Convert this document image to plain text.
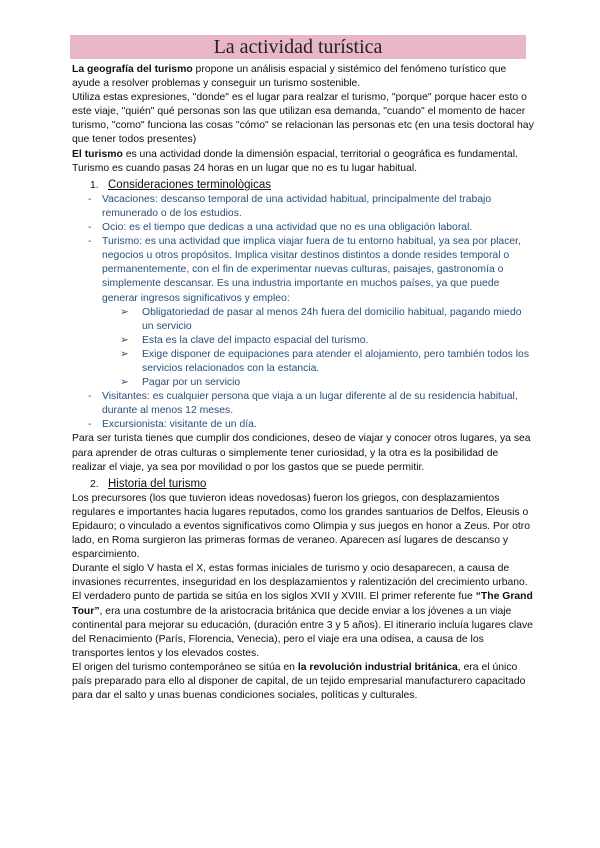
La actividad turística

La geografía del turismo propone un análisis espacial y sistémico del fenómeno turístico que ayude a resolver problemas y conseguir un turismo sostenible.

Utiliza estas expresiones, "donde" es el lugar para realzar el turismo, "porque" porque hacer esto o este viaje, "quién" qué personas son las que utilizan esa demanda, "cuando" el momento de hacer turismo, "como" funciona las cosas "cómo" se relacionan las personas etc (en una tesis doctoral hay que tener todos presentes)

El turismo es una actividad donde la dimensión espacial, territorial o geográfica es fundamental. Turismo es cuando pasas 24 horas en un lugar que no es tu lugar habitual.

1. Consideraciones terminològicas
-	Vacaciones: descanso temporal de una actividad habitual, principalmente del trabajo remunerado o de los estudios.
-	Ocio: es el tiempo que dedicas a una actividad que no es una obligación laboral.
-	Turismo: es una actividad que implica viajar fuera de tu entorno habitual, ya sea por placer, negocios u otros propósitos. Implica visitar destinos distintos a donde resides temporal o permanentemente, con el fin de experimentar nuevas culturas, paisajes, gastronomía o simplemente descansar. Es una industria importante en muchos países, ya que puede generar ingresos significativos y empleo:
➢	Obligatoriedad de pasar al menos 24h fuera del domicilio habitual, pagando miedo un servicio
➢	Esta es la clave del impacto espacial del turismo.
➢	Exige disponer de equipaciones para atender el alojamiento, pero también todos los servicios relacionados con la estancia.
➢	Pagar por un servicio
-	Visitantes: es cualquier persona que viaja a un lugar diferente al de su residencia habitual, durante al menos 12 meses.
-	Excursionista: visitante de un día.

Para ser turista tienes que cumplir dos condiciones, deseo de viajar y conocer otros lugares, ya sea para aprender de otras culturas o simplemente tener curiosidad, y la otra es la posibilidad de realizar el viaje, ya sea por movilidad o por los gastos que se puede permitir.

2. Historia del turismo

Los precursores (los que tuvieron ideas novedosas) fueron los griegos, con desplazamientos regulares e importantes hacia lugares reputados, como los grandes santuarios de Delfos, Eleusis o Epidauro; o vinculado a eventos significativos como Olimpia y sus juegos en honor a Zeus. Por otro lado, en Roma surgieron las primeras formas de veraneo. Aparecen así lugares de descanso y esparcimiento.

Durante el siglo V hasta el X, estas formas iniciales de turismo y ocio desaparecen, a causa de invasiones recurrentes, inseguridad en los desplazamientos y ralentización del crecimiento urbano.

El verdadero punto de partida se sitúa en los siglos XVII y XVIII. El primer referente fue “The Grand Tour”, era una costumbre de la aristocracia británica que decide enviar a los jóvenes a un viaje continental para mejorar su educación, (duración entre 3 y 5 años). El itinerario incluía lugares clave del Renacimiento (París, Florencia, Venecia), pero el viaje era una odisea, a causa de los transportes lentos y los elevados costes.

El origen del turismo contemporáneo se sitúa en la revolución industrial británica, era el único país preparado para ello al disponer de capital, de un tejido empresarial manufacturero capacitado para dar el salto y unas buenas condiciones sociales, políticas y culturales.
